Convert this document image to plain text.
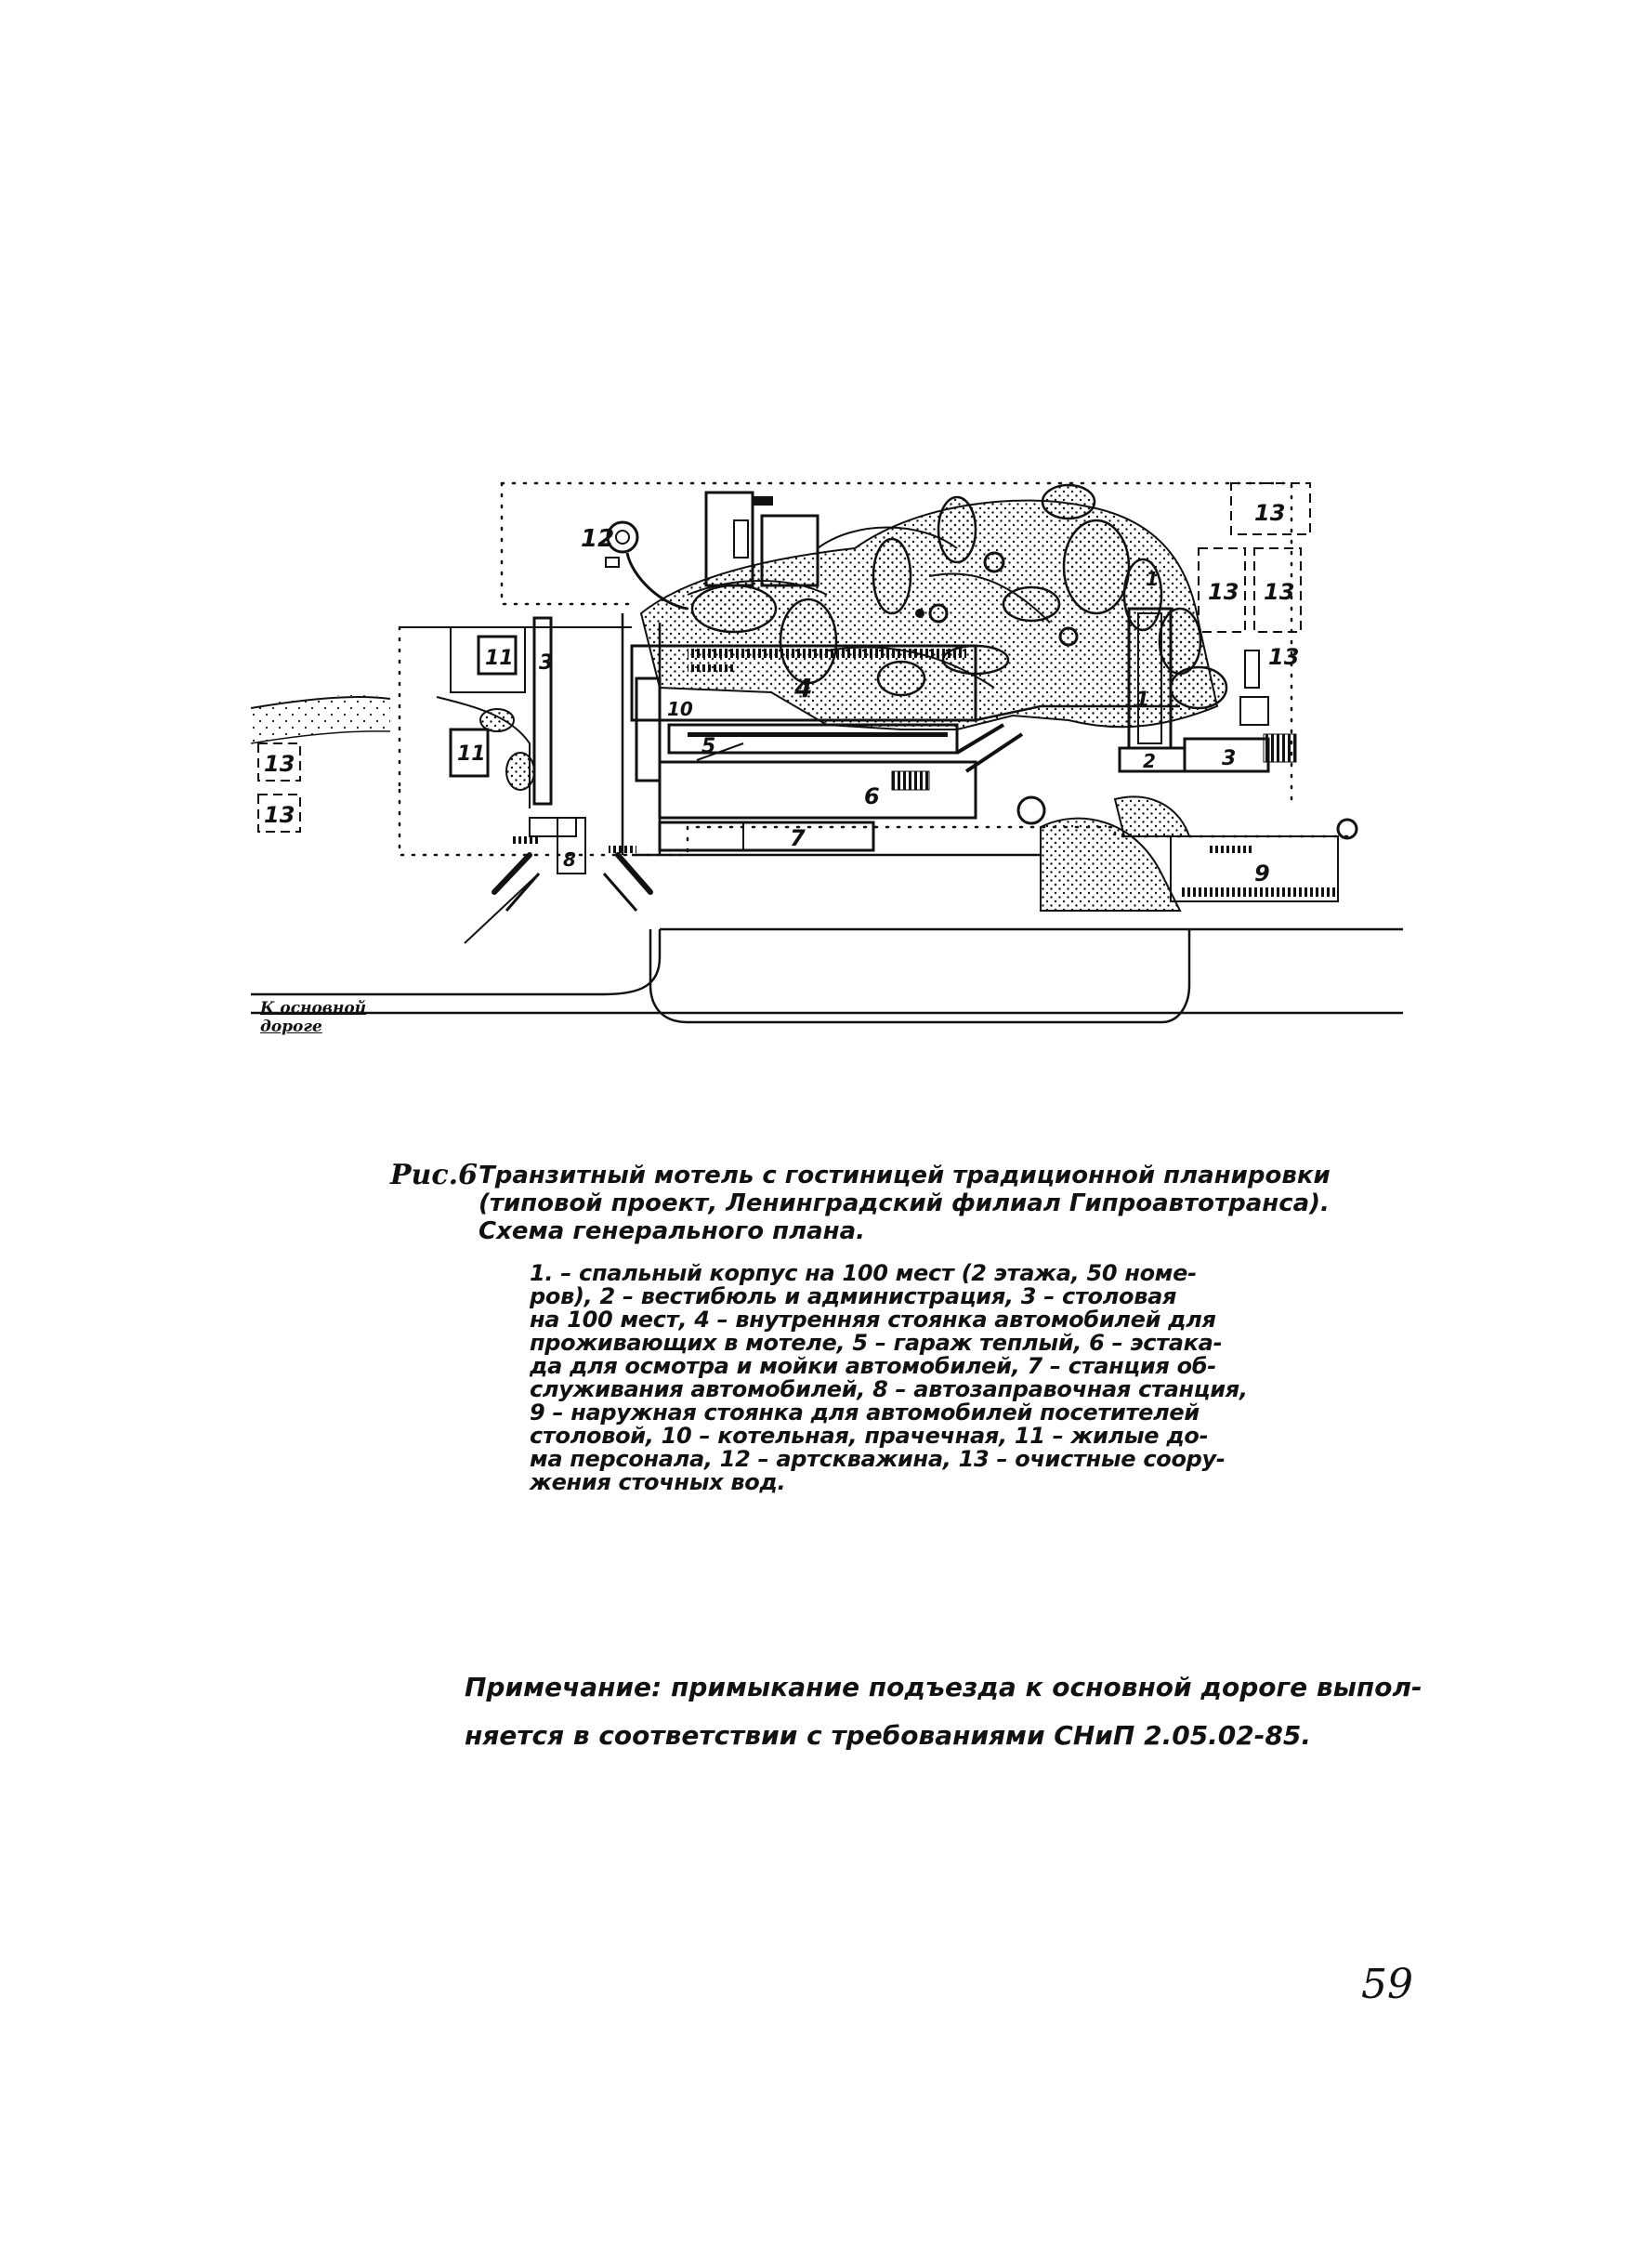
12
13
13 13
13
13
13
11
11
3
4
10
5
6
7
1
2	3
1
9
8
К основной
дороге
Рис.6 Транзитный мотель с гостиницей традиционной планировки
(типовой проект, Ленинградский филиал Гипроавтотранса).
Схема генерального плана.
1. – спальный корпус на 100 мест (2 этажа, 50 номе-
ров), 2 – вестибюль и администрация, 3 – столовая
на 100 мест, 4 – внутренняя стоянка автомобилей для
проживающих в мотеле, 5 – гараж теплый, 6 – эстака-
да для осмотра и мойки автомобилей, 7 – станция об-
служивания автомобилей, 8 – автозаправочная станция,
9 – наружная стоянка для автомобилей посетителей
столовой, 10 – котельная, прачечная, 11 – жилые до-
ма персонала, 12 – артскважина, 13 – очистные соору-
жения сточных вод.
Примечание: примыкание подъезда к основной дороге выпол-
няется в соответствии с требованиями СНиП 2.05.02-85.
59
